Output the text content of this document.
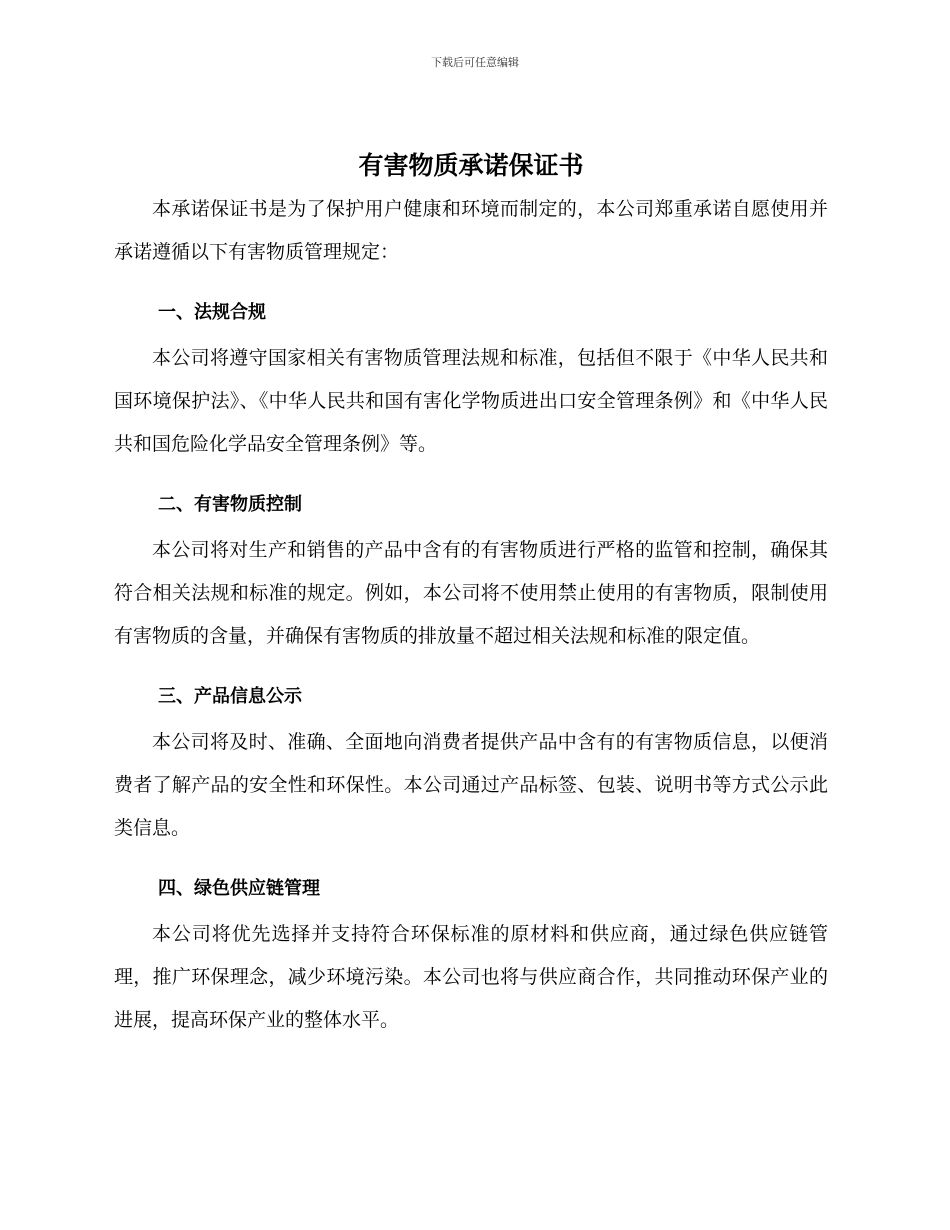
下载后可任意编辑
有害物质承诺保证书

本承诺保证书是为了保护用户健康和环境而制定的，本公司郑重承诺自愿使用并承诺遵循以下有害物质管理规定：

一、法规合规

本公司将遵守国家相关有害物质管理法规和标准，包括但不限于《中华人民共和国环境保护法》、《中华人民共和国有害化学物质进出口安全管理条例》和《中华人民共和国危险化学品安全管理条例》等。

二、有害物质控制

本公司将对生产和销售的产品中含有的有害物质进行严格的监管和控制，确保其符合相关法规和标准的规定。例如，本公司将不使用禁止使用的有害物质，限制使用有害物质的含量，并确保有害物质的排放量不超过相关法规和标准的限定值。

三、产品信息公示

本公司将及时、准确、全面地向消费者提供产品中含有的有害物质信息，以便消费者了解产品的安全性和环保性。本公司通过产品标签、包装、说明书等方式公示此类信息。

四、绿色供应链管理

本公司将优先选择并支持符合环保标准的原材料和供应商，通过绿色供应链管理，推广环保理念，减少环境污染。本公司也将与供应商合作，共同推动环保产业的进展，提高环保产业的整体水平。
